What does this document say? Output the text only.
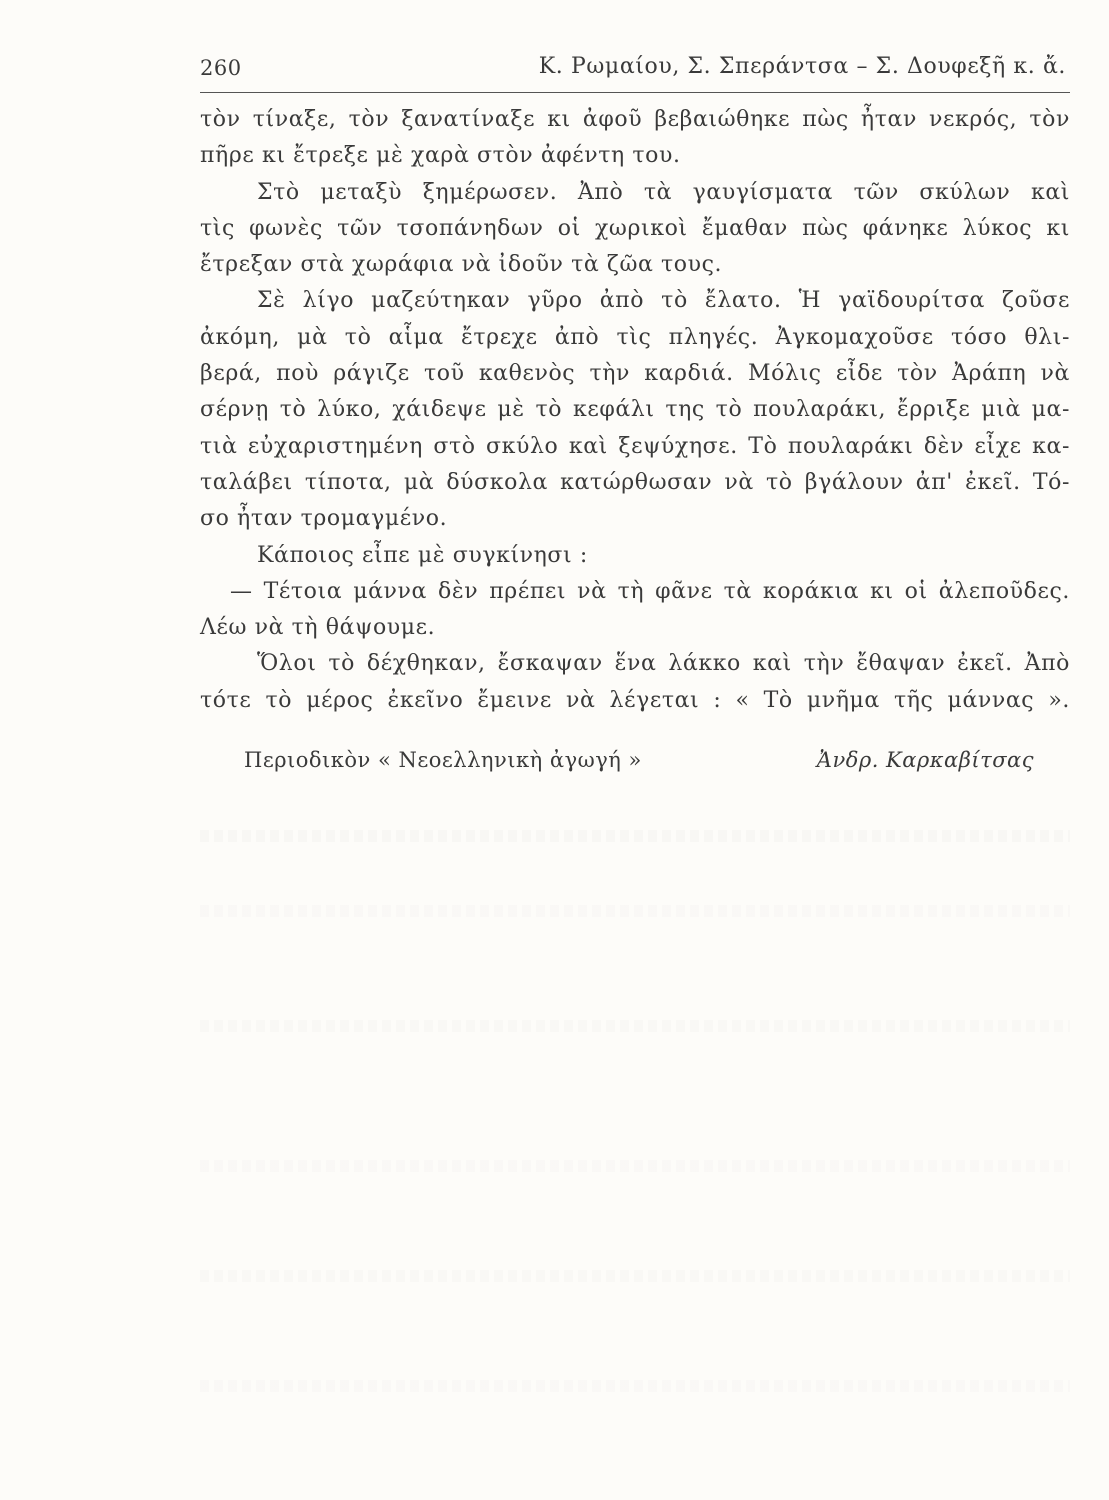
260	Κ. Ρωμαίου, Σ. Σπεράντσα – Σ. Δουφεξῆ κ. ἄ.
τὸν τίναξε, τὸν ξανατίναξε κι ἀφοῦ βεβαιώθηκε πὼς ἦταν νεκρός, τὸν
πῆρε κι ἔτρεξε μὲ χαρὰ στὸν ἀφέντη του.
Στὸ μεταξὺ ξημέρωσεν. Ἀπὸ τὰ γαυγίσματα τῶν σκύλων καὶ
τὶς φωνὲς τῶν τσοπάνηδων οἱ χωρικοὶ ἔμαθαν πὼς φάνηκε λύκος κι
ἔτρεξαν στὰ χωράφια νὰ ἰδοῦν τὰ ζῶα τους.
Σὲ λίγο μαζεύτηκαν γῦρο ἀπὸ τὸ ἔλατο. Ἡ γαϊδουρίτσα ζοῦσε
ἀκόμη, μὰ τὸ αἷμα ἔτρεχε ἀπὸ τὶς πληγές. Ἀγκομαχοῦσε τόσο θλι-
βερά, ποὺ ράγιζε τοῦ καθενὸς τὴν καρδιά. Μόλις εἶδε τὸν Ἀράπη νὰ
σέρνῃ τὸ λύκο, χάιδεψε μὲ τὸ κεφάλι της τὸ πουλαράκι, ἔρριξε μιὰ μα-
τιὰ εὐχαριστημένη στὸ σκύλο καὶ ξεψύχησε. Τὸ πουλαράκι δὲν εἶχε κα-
ταλάβει τίποτα, μὰ δύσκολα κατώρθωσαν νὰ τὸ βγάλουν ἀπ' ἐκεῖ. Τό-
σο ἦταν τρομαγμένο.
Κάποιος εἶπε μὲ συγκίνησι :
— Τέτοια μάννα δὲν πρέπει νὰ τὴ φᾶνε τὰ κοράκια κι οἱ ἀλεποῦδες.
Λέω νὰ τὴ θάψουμε.
Ὅλοι τὸ δέχθηκαν, ἔσκαψαν ἕνα λάκκο καὶ τὴν ἔθαψαν ἐκεῖ. Ἀπὸ
τότε τὸ μέρος ἐκεῖνο ἔμεινε νὰ λέγεται : « Τὸ μνῆμα τῆς μάννας ».
Περιοδικὸν « Νεοελληνικὴ ἀγωγή »	Ἀνδρ. Καρκαβίτσας
